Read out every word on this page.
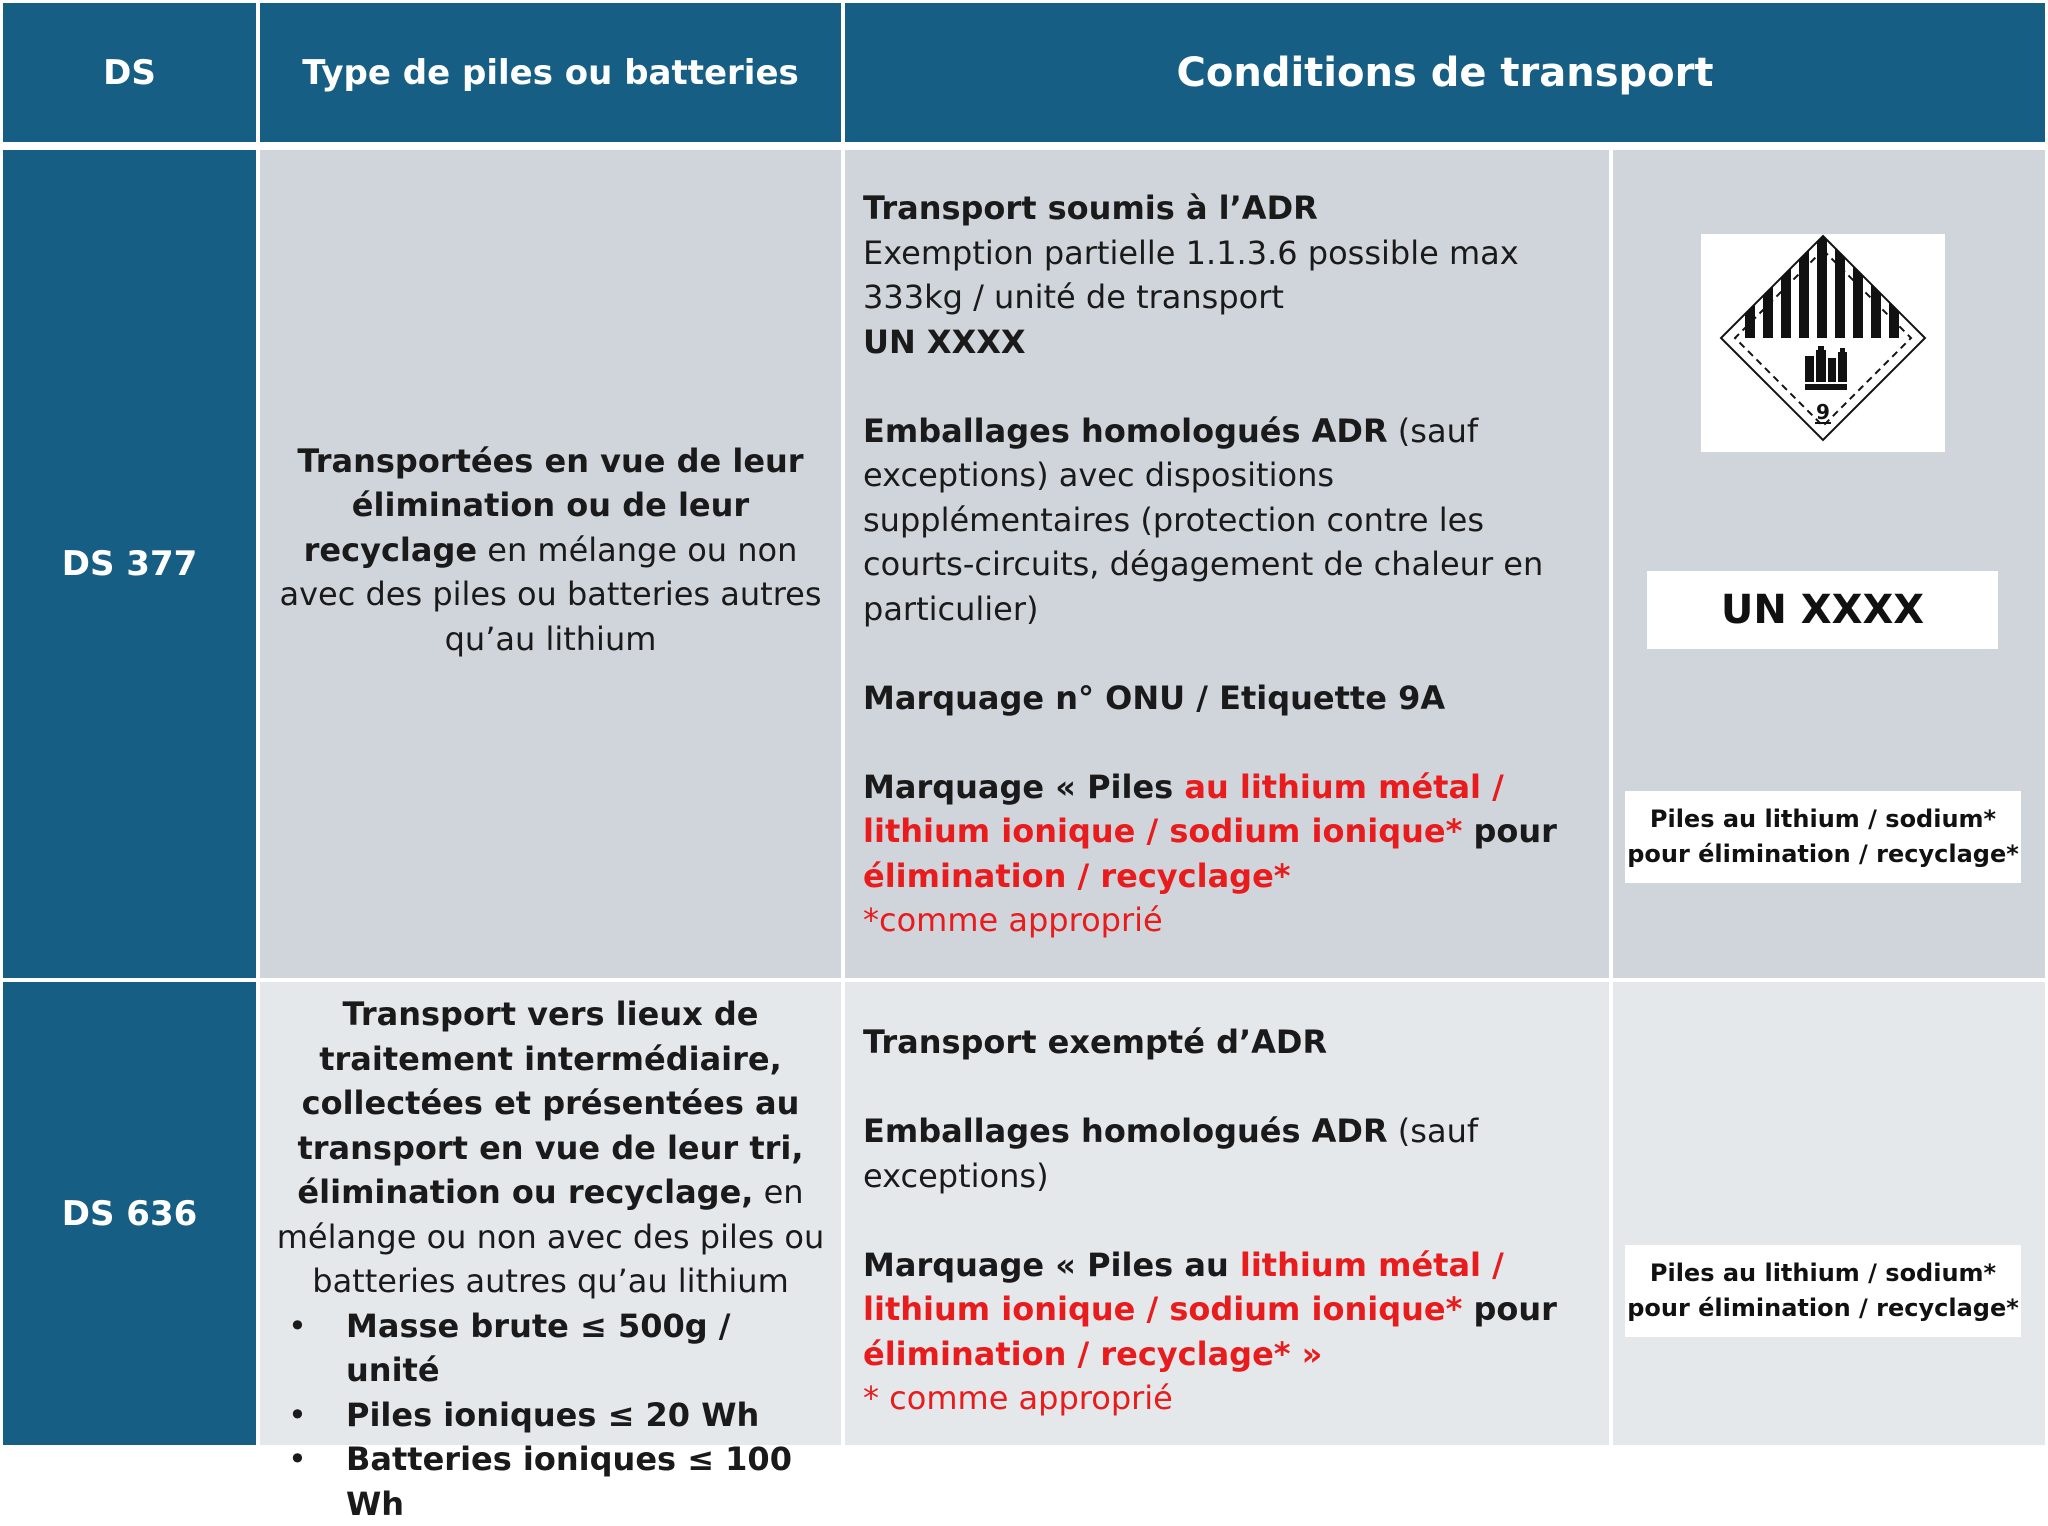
DS	Type de piles ou batteries	Conditions de transport
DS 377
Transportées en vue de leur élimination ou de leur recyclage en mélange ou non avec des piles ou batteries autres qu’au lithium
Transport soumis à l’ADR
Exemption partielle 1.1.3.6 possible max 333kg / unité de transport
UN XXXX
Emballages homologués ADR (sauf exceptions) avec dispositions supplémentaires (protection contre les courts-circuits, dégagement de chaleur en particulier)
Marquage n° ONU / Etiquette 9A
Marquage « Piles au lithium métal / lithium ionique / sodium ionique* pour élimination / recyclage*
*comme approprié
9
UN XXXX
Piles au lithium / sodium*
pour élimination / recyclage*
DS 636
Transport vers lieux de traitement intermédiaire, collectées et présentées au transport en vue de leur tri, élimination ou recyclage, en mélange ou non avec des piles ou batteries autres qu’au lithium
• Masse brute ≤ 500g / unité
• Piles ioniques ≤ 20 Wh
• Batteries ioniques ≤ 100 Wh
Transport exempté d’ADR
Emballages homologués ADR (sauf exceptions)
Marquage « Piles au lithium métal / lithium ionique / sodium ionique* pour élimination / recyclage* »
* comme approprié
Piles au lithium / sodium*
pour élimination / recyclage*
